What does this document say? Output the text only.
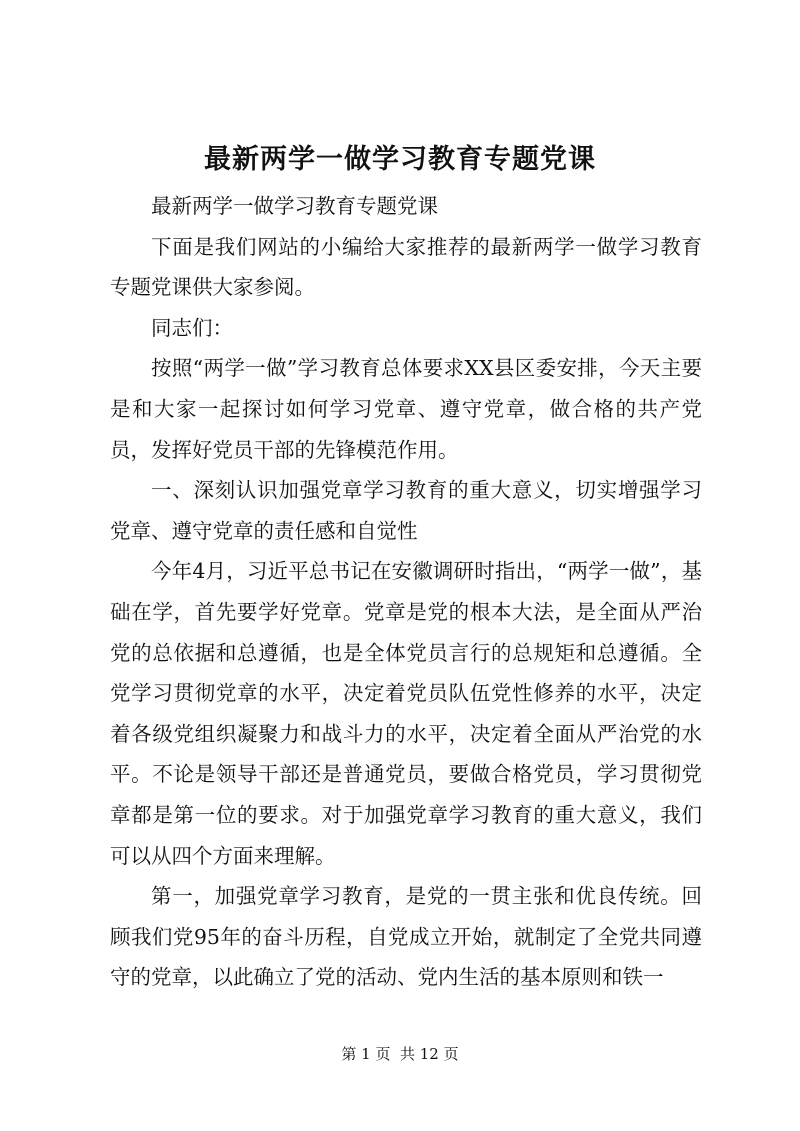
最新两学一做学习教育专题党课

最新两学一做学习教育专题党课

下面是我们网站的小编给大家推荐的最新两学一做学习教育专题党课供大家参阅。

同志们：

按照“两学一做”学习教育总体要求XX县区委安排，今天主要是和大家一起探讨如何学习党章、遵守党章，做合格的共产党员，发挥好党员干部的先锋模范作用。

一、深刻认识加强党章学习教育的重大意义，切实增强学习党章、遵守党章的责任感和自觉性

今年4月，习近平总书记在安徽调研时指出，“两学一做”，基础在学，首先要学好党章。党章是党的根本大法，是全面从严治党的总依据和总遵循，也是全体党员言行的总规矩和总遵循。全党学习贯彻党章的水平，决定着党员队伍党性修养的水平，决定着各级党组织凝聚力和战斗力的水平，决定着全面从严治党的水平。不论是领导干部还是普通党员，要做合格党员，学习贯彻党章都是第一位的要求。对于加强党章学习教育的重大意义，我们可以从四个方面来理解。

第一，加强党章学习教育，是党的一贯主张和优良传统。回顾我们党95年的奋斗历程，自党成立开始，就制定了全党共同遵守的党章，以此确立了党的活动、党内生活的基本原则和铁一

第 1 页  共 12 页
